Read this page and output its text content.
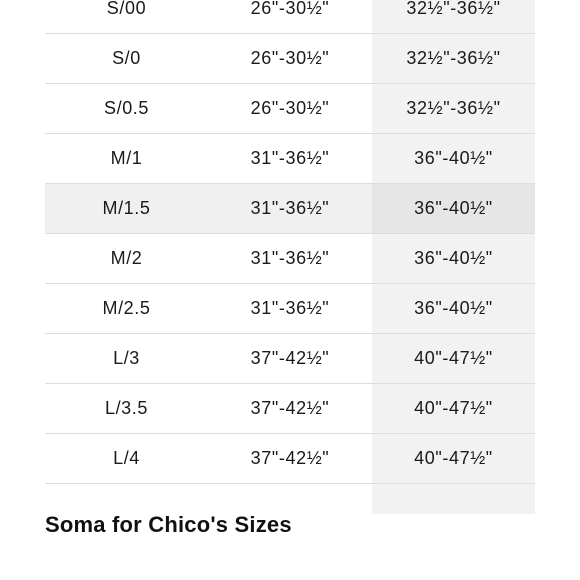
S/00	26"-30½"	32½"-36½"
S/0	26"-30½"	32½"-36½"
S/0.5	26"-30½"	32½"-36½"
M/1	31"-36½"	36"-40½"
M/1.5	31"-36½"	36"-40½"
M/2	31"-36½"	36"-40½"
M/2.5	31"-36½"	36"-40½"
L/3	37"-42½"	40"-47½"
L/3.5	37"-42½"	40"-47½"
L/4	37"-42½"	40"-47½"
Soma for Chico's Sizes
